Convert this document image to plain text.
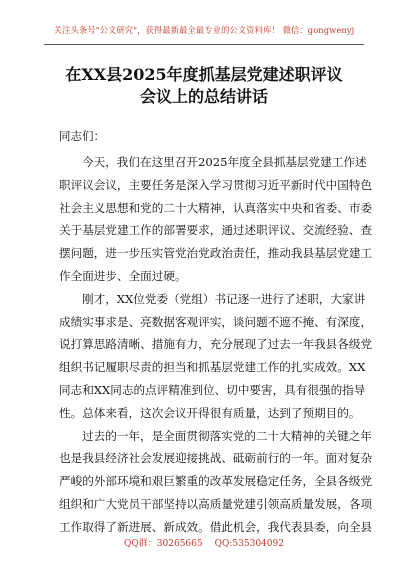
关注头条号"公文研究"，获得最新最全最专业的公文资料库！ 微信：gongwenyj
在XX县2025年度抓基层党建述职评议
会议上的总结讲话
同志们：
今天，我们在这里召开2025年度全县抓基层党建工作述
职评议会议，主要任务是深入学习贯彻习近平新时代中国特色
社会主义思想和党的二十大精神，认真落实中央和省委、市委
关于基层党建工作的部署要求，通过述职评议、交流经验、查
摆问题，进一步压实管党治党政治责任，推动我县基层党建工
作全面进步、全面过硬。
刚才，XX位党委（党组）书记逐一进行了述职，大家讲
成绩实事求是、亮数据客观评实，谈问题不遮不掩、有深度，
说打算思路清晰、措施有力，充分展现了过去一年我县各级党
组织书记履职尽责的担当和抓基层党建工作的扎实成效。XX
同志和XX同志的点评精准到位、切中要害，具有很强的指导
性。总体来看，这次会议开得很有质量，达到了预期目的。
过去的一年，是全面贯彻落实党的二十大精神的关键之年
也是我县经济社会发展迎接挑战、砥砺前行的一年。面对复杂
严峻的外部环境和艰巨繁重的改革发展稳定任务，全县各级党
组织和广大党员干部坚持以高质量党建引领高质量发展，各项
工作取得了新进展、新成效。借此机会，我代表县委，向全县
QQ群：30265665 QQ:535304092
